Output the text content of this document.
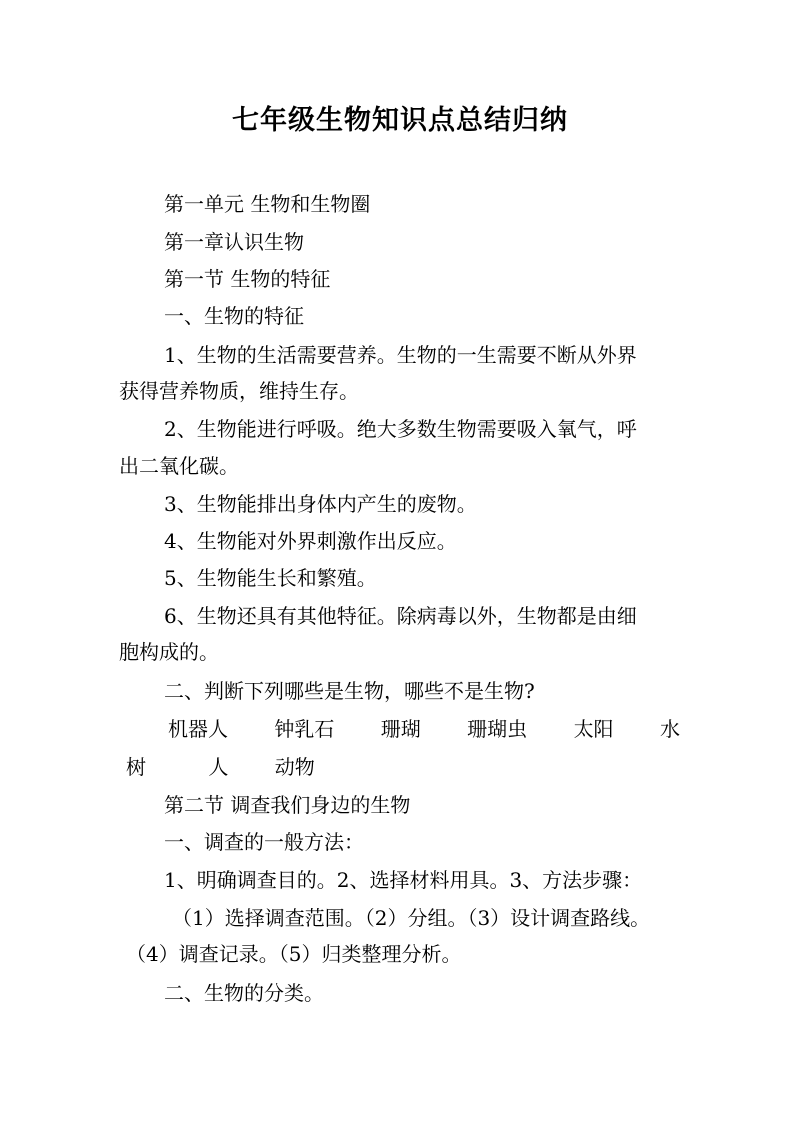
七年级生物知识点总结归纳
第一单元 生物和生物圈
第一章认识生物
第一节 生物的特征
一、生物的特征
1、生物的生活需要营养。生物的一生需要不断从外界
获得营养物质，维持生存。
2、生物能进行呼吸。绝大多数生物需要吸入氧气，呼
出二氧化碳。
3、生物能排出身体内产生的废物。
4、生物能对外界刺激作出反应。
5、生物能生长和繁殖。
6、生物还具有其他特征。除病毒以外，生物都是由细
胞构成的。
二、判断下列哪些是生物，哪些不是生物?
机器人 钟乳石 珊瑚 珊瑚虫 太阳 水
树	人 动物
第二节 调查我们身边的生物
一、调查的一般方法：
1、明确调查目的。2、选择材料用具。3、方法步骤：
（1）选择调查范围。（2）分组。（3）设计调查路线。
（4）调查记录。（5）归类整理分析。
二、生物的分类。
